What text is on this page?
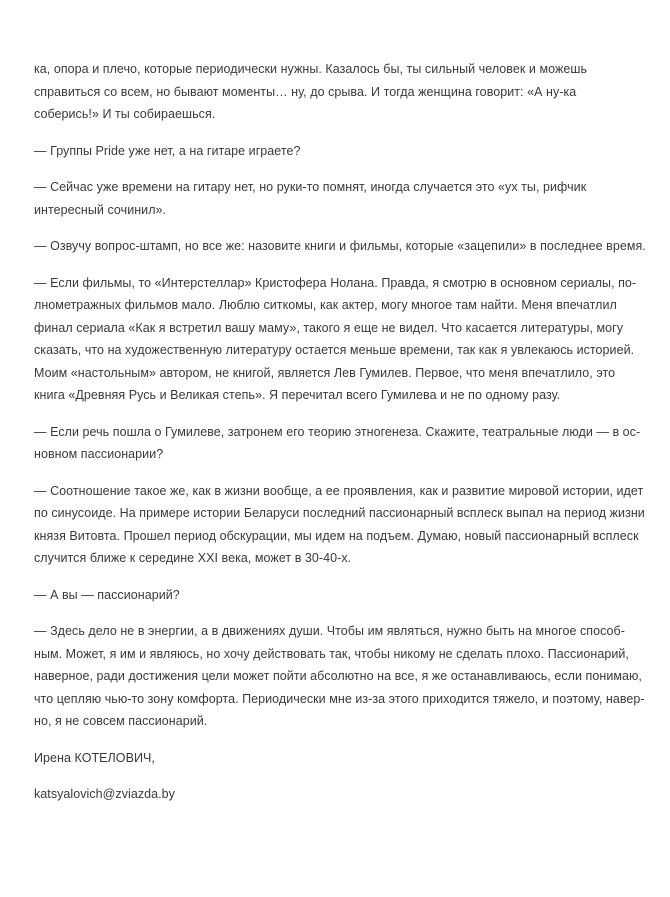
ка, опора и плечо, которые периодически нужны. Казалось бы, ты сильный человек и можешь
справиться со всем, но бывают моменты… ну, до срыва. И тогда женщина говорит: «А ну-ка
соберись!» И ты собираешься.

— Группы Pride уже нет, а на гитаре играете?

— Сейчас уже времени на гитару нет, но руки-то помнят, иногда случается это «ух ты, рифчик
интересный сочинил».

— Озвучу вопрос-штамп, но все же: назовите книги и фильмы, которые «зацепили» в последнее время.

— Если фильмы, то «Интерстеллар» Кристофера Нолана. Правда, я смотрю в основном сериалы, по-
лнометражных фильмов мало. Люблю ситкомы, как актер, могу многое там найти. Меня впечатлил
финал сериала «Как я встретил вашу маму», такого я еще не видел. Что касается литературы, могу
сказать, что на художественную литературу остается меньше времени, так как я увлекаюсь историей.
Моим «настольным» автором, не книгой, является Лев Гумилев. Первое, что меня впечатлило, это
книга «Древняя Русь и Великая степь». Я перечитал всего Гумилева и не по одному разу.

— Если речь пошла о Гумилеве, затронем его теорию этногенеза. Скажите, театральные люди — в ос-
новном пассионарии?

— Соотношение такое же, как в жизни вообще, а ее проявления, как и развитие мировой истории, идет
по синусоиде. На примере истории Беларуси последний пассионарный всплеск выпал на период жизни
князя Витовта. Прошел период обскурации, мы идем на подъем. Думаю, новый пассионарный всплеск
случится ближе к середине XXI века, может в 30-40-х.

— А вы — пассионарий?

— Здесь дело не в энергии, а в движениях души. Чтобы им являться, нужно быть на многое способ-
ным. Может, я им и являюсь, но хочу действовать так, чтобы никому не сделать плохо. Пассионарий,
наверное, ради достижения цели может пойти абсолютно на все, я же останавливаюсь, если понимаю,
что цепляю чью-то зону комфорта. Периодически мне из-за этого приходится тяжело, и поэтому, навер-
но, я не совсем пассионарий.

Ирена КОТЕЛОВИЧ,

katsyalovich@zviazda.by
